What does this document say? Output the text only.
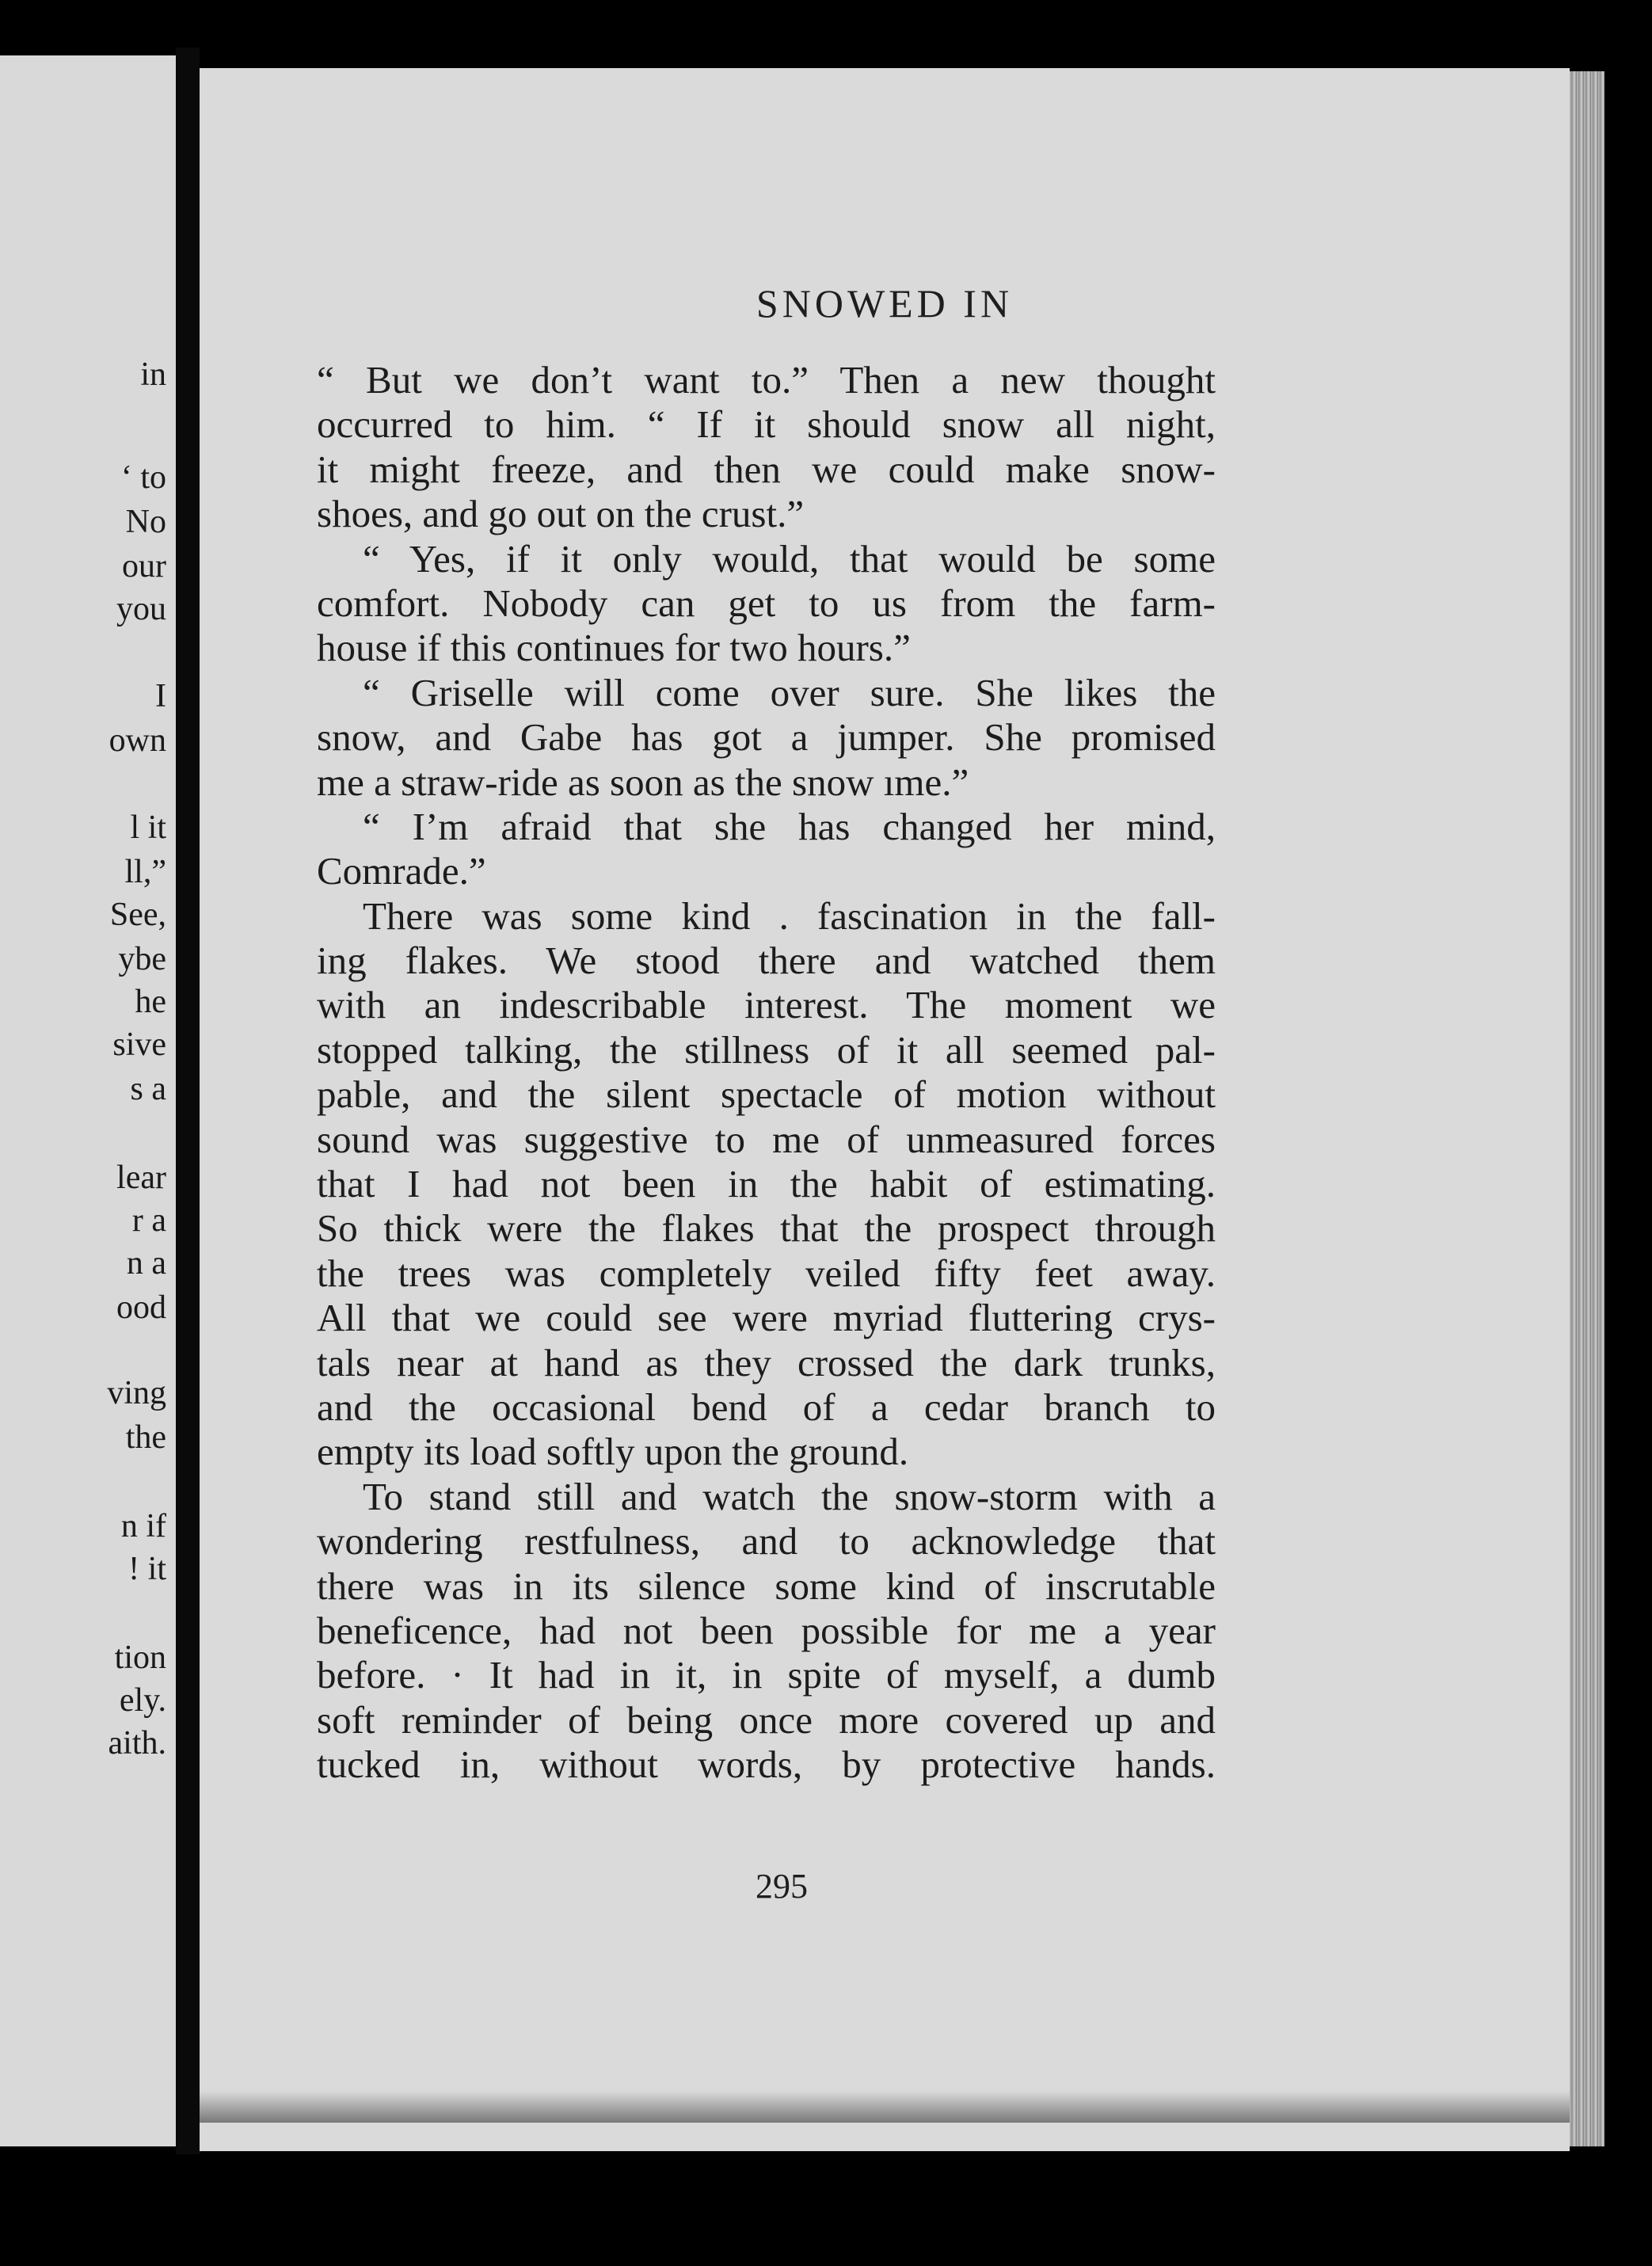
in
‘ to
No
our
you
I
own
l it
ll,”
See,
ybe
he
sive
s a
lear
r a
n a
ood
ving
the
n if
! it
tion
ely.
aith.
SNOWED IN
“ But we don’t want to.” Then a new thought
occurred to him. “ If it should snow all night,
it might freeze, and then we could make snow-
shoes, and go out on the crust.”
“ Yes, if it only would, that would be some
comfort. Nobody can get to us from the farm-
house if this continues for two hours.”
“ Griselle will come over sure. She likes the
snow, and Gabe has got a jumper. She promised
me a straw-ride as soon as the snow ıme.”
“ I’m afraid that she has changed her mind,
Comrade.”
There was some kind . fascination in the fall-
ing flakes. We stood there and watched them
with an indescribable interest. The moment we
stopped talking, the stillness of it all seemed pal-
pable, and the silent spectacle of motion without
sound was suggestive to me of unmeasured forces
that I had not been in the habit of estimating.
So thick were the flakes that the prospect through
the trees was completely veiled fifty feet away.
All that we could see were myriad fluttering crys-
tals near at hand as they crossed the dark trunks,
and the occasional bend of a cedar branch to
empty its load softly upon the ground.
To stand still and watch the snow-storm with a
wondering restfulness, and to acknowledge that
there was in its silence some kind of inscrutable
beneficence, had not been possible for me a year
before. · It had in it, in spite of myself, a dumb
soft reminder of being once more covered up and
tucked in, without words, by protective hands.
295
